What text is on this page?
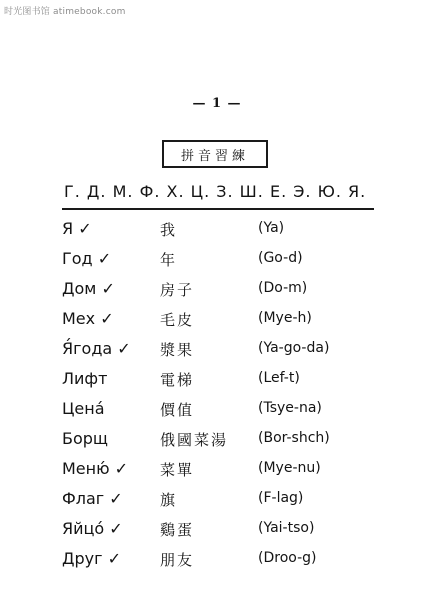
时光图书馆 atimebook.com
— 1 —
拼音習練
Г. Д. М. Ф. Х. Ц. З. Ш. Е. Э. Ю. Я.
Я ✓	我	(Ya)
Год ✓	年	(Go-d)
Дом ✓	房子	(Do-m)
Мех ✓	毛皮	(Mye-h)
Я́года ✓ 漿果	(Ya-go-da)
Лифт	電梯	(Lef-t)
Цена́	價值	(Tsye-na)
Борщ	俄國菜湯 (Bor-shch)
Меню́ ✓ 菜單	(Mye-nu)
Флаг ✓ 旗	(F-lag)
Яйцо́ ✓ 鷄蛋	(Yai-tso)
Друг ✓	朋友	(Droo-g)
